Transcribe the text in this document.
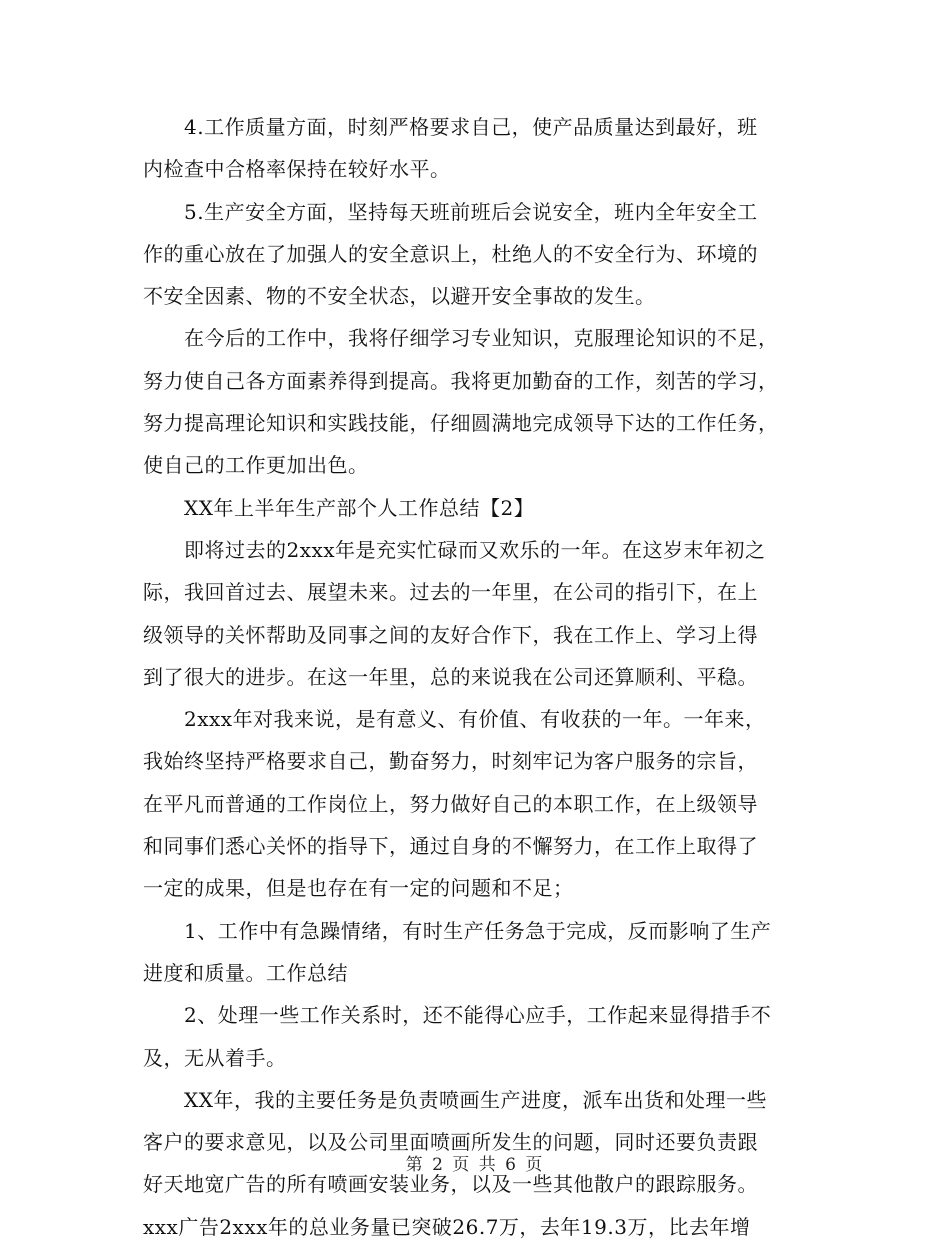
4.工作质量方面，时刻严格要求自己，使产品质量达到最好，班
内检查中合格率保持在较好水平。
5.生产安全方面，坚持每天班前班后会说安全，班内全年安全工
作的重心放在了加强人的安全意识上，杜绝人的不安全行为、环境的
不安全因素、物的不安全状态，以避开安全事故的发生。
在今后的工作中，我将仔细学习专业知识，克服理论知识的不足，
努力使自己各方面素养得到提高。我将更加勤奋的工作，刻苦的学习，
努力提高理论知识和实践技能，仔细圆满地完成领导下达的工作任务，
使自己的工作更加出色。
XX年上半年生产部个人工作总结【2】
即将过去的2xxx年是充实忙碌而又欢乐的一年。在这岁末年初之
际，我回首过去、展望未来。过去的一年里，在公司的指引下，在上
级领导的关怀帮助及同事之间的友好合作下，我在工作上、学习上得
到了很大的进步。在这一年里，总的来说我在公司还算顺利、平稳。
2xxx年对我来说，是有意义、有价值、有收获的一年。一年来，
我始终坚持严格要求自己，勤奋努力，时刻牢记为客户服务的宗旨，
在平凡而普通的工作岗位上，努力做好自己的本职工作，在上级领导
和同事们悉心关怀的指导下，通过自身的不懈努力，在工作上取得了
一定的成果，但是也存在有一定的问题和不足；
1、工作中有急躁情绪，有时生产任务急于完成，反而影响了生产
进度和质量。工作总结
2、处理一些工作关系时，还不能得心应手，工作起来显得措手不
及，无从着手。
XX年，我的主要任务是负责喷画生产进度，派车出货和处理一些
客户的要求意见，以及公司里面喷画所发生的问题，同时还要负责跟
好天地宽广告的所有喷画安装业务，以及一些其他散户的跟踪服务。
xxx广告2xxx年的总业务量已突破26.7万，去年19.3万，比去年增
第 2 页 共 6 页
